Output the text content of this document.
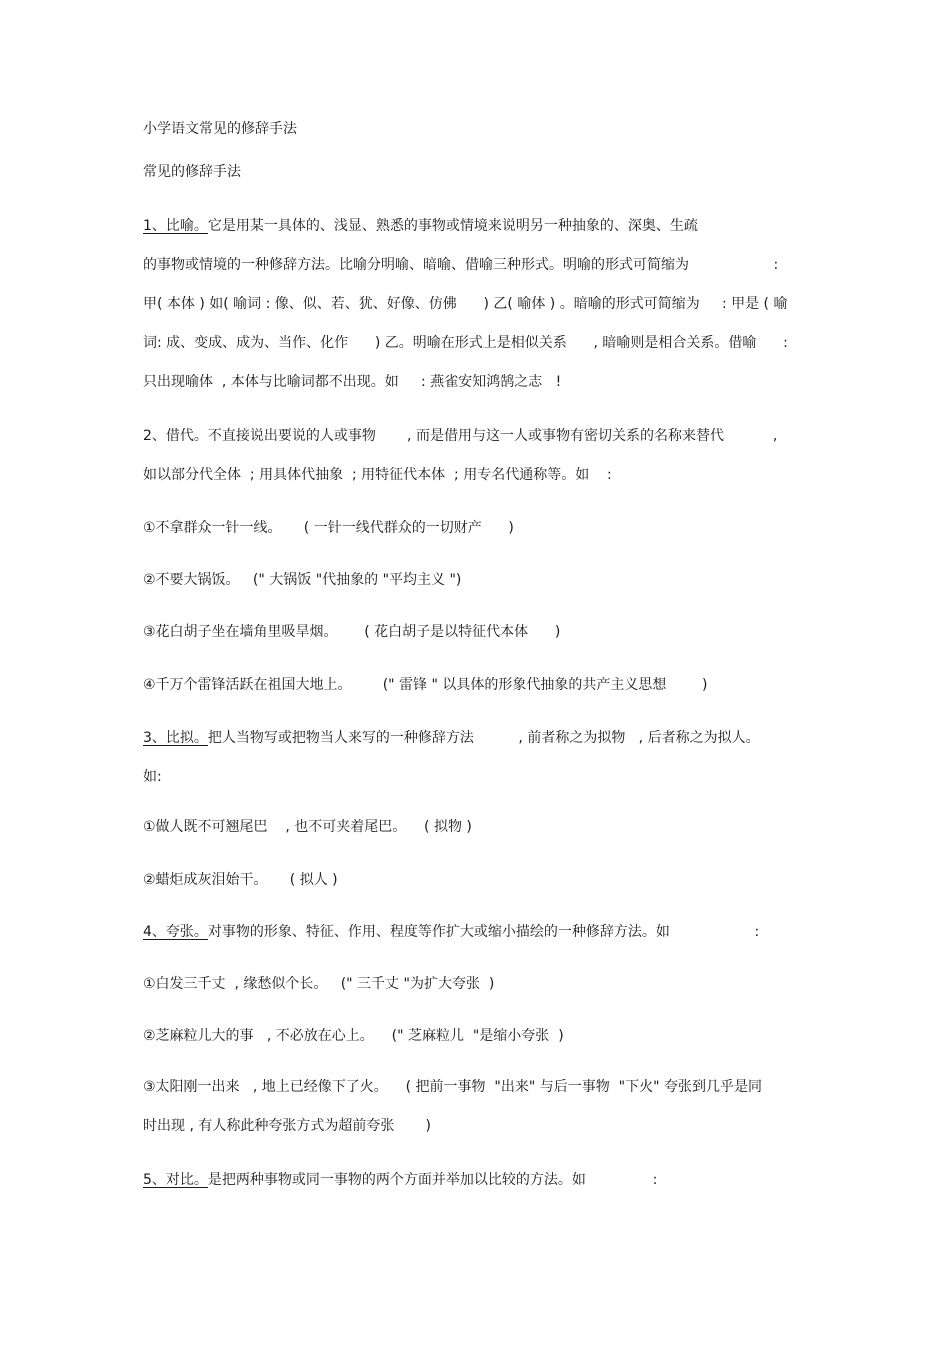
小学语文常见的修辞手法
常见的修辞手法
1、比喻。它是用某一具体的、浅显、熟悉的事物或情境来说明另一种抽象的、深奥、生疏
的事物或情境的一种修辞方法。比喻分明喻、暗喻、借喻三种形式。明喻的形式可简缩为                   :
甲( 本体 ) 如( 喻词 : 像、似、若、犹、好像、仿佛      ) 乙( 喻体 ) 。暗喻的形式可简缩为     : 甲是 ( 喻
词: 成、变成、成为、当作、化作      ) 乙。明喻在形式上是相似关系      , 暗喻则是相合关系。借喻      :
只出现喻体  , 本体与比喻词都不出现。如     : 燕雀安知鸿鹄之志   !
2、借代。不直接说出要说的人或事物       , 而是借用与这一人或事物有密切关系的名称来替代           ,
如以部分代全体  ; 用具体代抽象  ; 用特征代本体  ; 用专名代通称等。如    :
①不拿群众一针一线。     ( 一针一线代群众的一切财产      )
②不要大锅饭。   (" 大锅饭 "代抽象的 "平均主义 ")
③花白胡子坐在墙角里吸旱烟。      ( 花白胡子是以特征代本体      )
④千万个雷锋活跃在祖国大地上。       (" 雷锋 " 以具体的形象代抽象的共产主义思想        )
3、比拟。把人当物写或把物当人来写的一种修辞方法          , 前者称之为拟物   , 后者称之为拟人。
如:
①做人既不可翘尾巴    , 也不可夹着尾巴。    ( 拟物 )
②蜡炬成灰泪始干。     ( 拟人 )
4、夸张。对事物的形象、特征、作用、程度等作扩大或缩小描绘的一种修辞方法。如                   :
①白发三千丈  , 缘愁似个长。   (" 三千丈 "为扩大夸张  )
②芝麻粒儿大的事   , 不必放在心上。    (" 芝麻粒儿  "是缩小夸张  )
③太阳刚一出来   , 地上已经像下了火。    ( 把前一事物  "出来" 与后一事物  "下火" 夸张到几乎是同
时出现 , 有人称此种夸张方式为超前夸张       )
5、对比。是把两种事物或同一事物的两个方面并举加以比较的方法。如               :
